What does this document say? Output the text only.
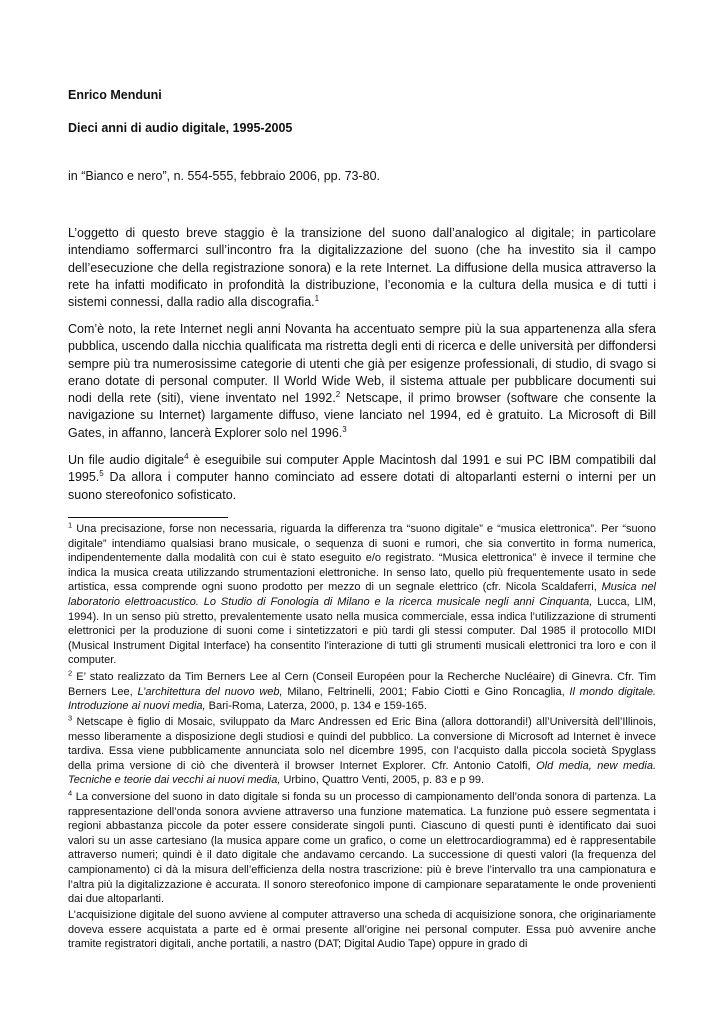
Enrico Menduni

Dieci anni di audio digitale, 1995-2005

in “Bianco e nero”, n. 554-555, febbraio 2006, pp. 73-80.

L’oggetto di questo breve staggio è la transizione del suono dall’analogico al digitale; in particolare intendiamo soffermarci sull’incontro fra la digitalizzazione del suono (che ha investito sia il campo dell’esecuzione che della registrazione sonora) e la rete Internet. La diffusione della musica attraverso la rete ha infatti modificato in profondità la distribuzione, l’economia e la cultura della musica e di tutti i sistemi connessi, dalla radio alla discografia.$^1$

Com’è noto, la rete Internet negli anni Novanta ha accentuato sempre più la sua appartenenza alla sfera pubblica, uscendo dalla nicchia qualificata ma ristretta degli enti di ricerca e delle università per diffondersi sempre più tra numerosissime categorie di utenti che già per esigenze professionali, di studio, di svago si erano dotate di personal computer. Il World Wide Web, il sistema attuale per pubblicare documenti sui nodi della rete (siti), viene inventato nel 1992.$^2$ Netscape, il primo browser (software che consente la navigazione su Internet) largamente diffuso, viene lanciato nel 1994, ed è gratuito. La Microsoft di Bill Gates, in affanno, lancerà Explorer solo nel 1996.$^3$

Un file audio digitale$^4$ è eseguibile sui computer Apple Macintosh dal 1991 e sui PC IBM compatibili dal 1995.$^5$ Da allora i computer hanno cominciato ad essere dotati di altoparlanti esterni o interni per un suono stereofonico sofisticato.

$^1$ Una precisazione, forse non necessaria, riguarda la differenza tra “suono digitale” e “musica elettronica”. Per “suono digitale” intendiamo qualsiasi brano musicale, o sequenza di suoni e rumori, che sia convertito in forma numerica, indipendentemente dalla modalità con cui è stato eseguito e/o registrato. “Musica elettronica” è invece il termine che indica la musica creata utilizzando strumentazioni elettroniche. In senso lato, quello più frequentemente usato in sede artistica, essa comprende ogni suono prodotto per mezzo di un segnale elettrico (cfr. Nicola Scaldaferri, Musica nel laboratorio elettroacustico. Lo Studio di Fonologia di Milano e la ricerca musicale negli anni Cinquanta, Lucca, LIM, 1994). In un senso più stretto, prevalentemente usato nella musica commerciale, essa indica l’utilizzazione di strumenti elettronici per la produzione di suoni come i sintetizzatori e più tardi gli stessi computer. Dal 1985 il protocollo MIDI (Musical Instrument Digital Interface) ha consentito l'interazione di tutti gli strumenti musicali elettronici tra loro e con il computer.

$^2$ E’ stato realizzato da Tim Berners Lee al Cern (Conseil Européen pour la Recherche Nucléaire) di Ginevra. Cfr. Tim Berners Lee, L’architettura del nuovo web, Milano, Feltrinelli, 2001; Fabio Ciotti e Gino Roncaglia, Il mondo digitale. Introduzione ai nuovi media, Bari-Roma, Laterza, 2000, p. 134 e 159-165.

$^3$ Netscape è figlio di Mosaic, sviluppato da Marc Andressen ed Eric Bina (allora dottorandi!) all’Università dell’Illinois, messo liberamente a disposizione degli studiosi e quindi del pubblico. La conversione di Microsoft ad Internet è invece tardiva. Essa viene pubblicamente annunciata solo nel dicembre 1995, con l’acquisto dalla piccola società Spyglass della prima versione di ciò che diventerà il browser Internet Explorer. Cfr. Antonio Catolfi, Old media, new media. Tecniche e teorie dai vecchi ai nuovi media, Urbino, Quattro Venti, 2005, p. 83 e p 99.

$^4$ La conversione del suono in dato digitale si fonda su un processo di campionamento dell’onda sonora di partenza. La rappresentazione dell’onda sonora avviene attraverso una funzione matematica. La funzione può essere segmentata i regioni abbastanza piccole da poter essere considerate singoli punti. Ciascuno di questi punti è identificato dai suoi valori su un asse cartesiano (la musica appare come un grafico, o come un elettrocardiogramma) ed è rappresentabile attraverso numeri; quindi è il dato digitale che andavamo cercando. La successione di questi valori (la frequenza del campionamento) ci dà la misura dell’efficienza della nostra trascrizione: più è breve l’intervallo tra una campionatura e l’altra più la digitalizzazione è accurata. Il sonoro stereofonico impone di campionare separatamente le onde provenienti dai due altoparlanti.

L’acquisizione digitale del suono avviene al computer attraverso una scheda di acquisizione sonora, che originariamente doveva essere acquistata a parte ed è ormai presente all’origine nei personal computer. Essa può avvenire anche tramite registratori digitali, anche portatili, a nastro (DAT; Digital Audio Tape) oppure in grado di
